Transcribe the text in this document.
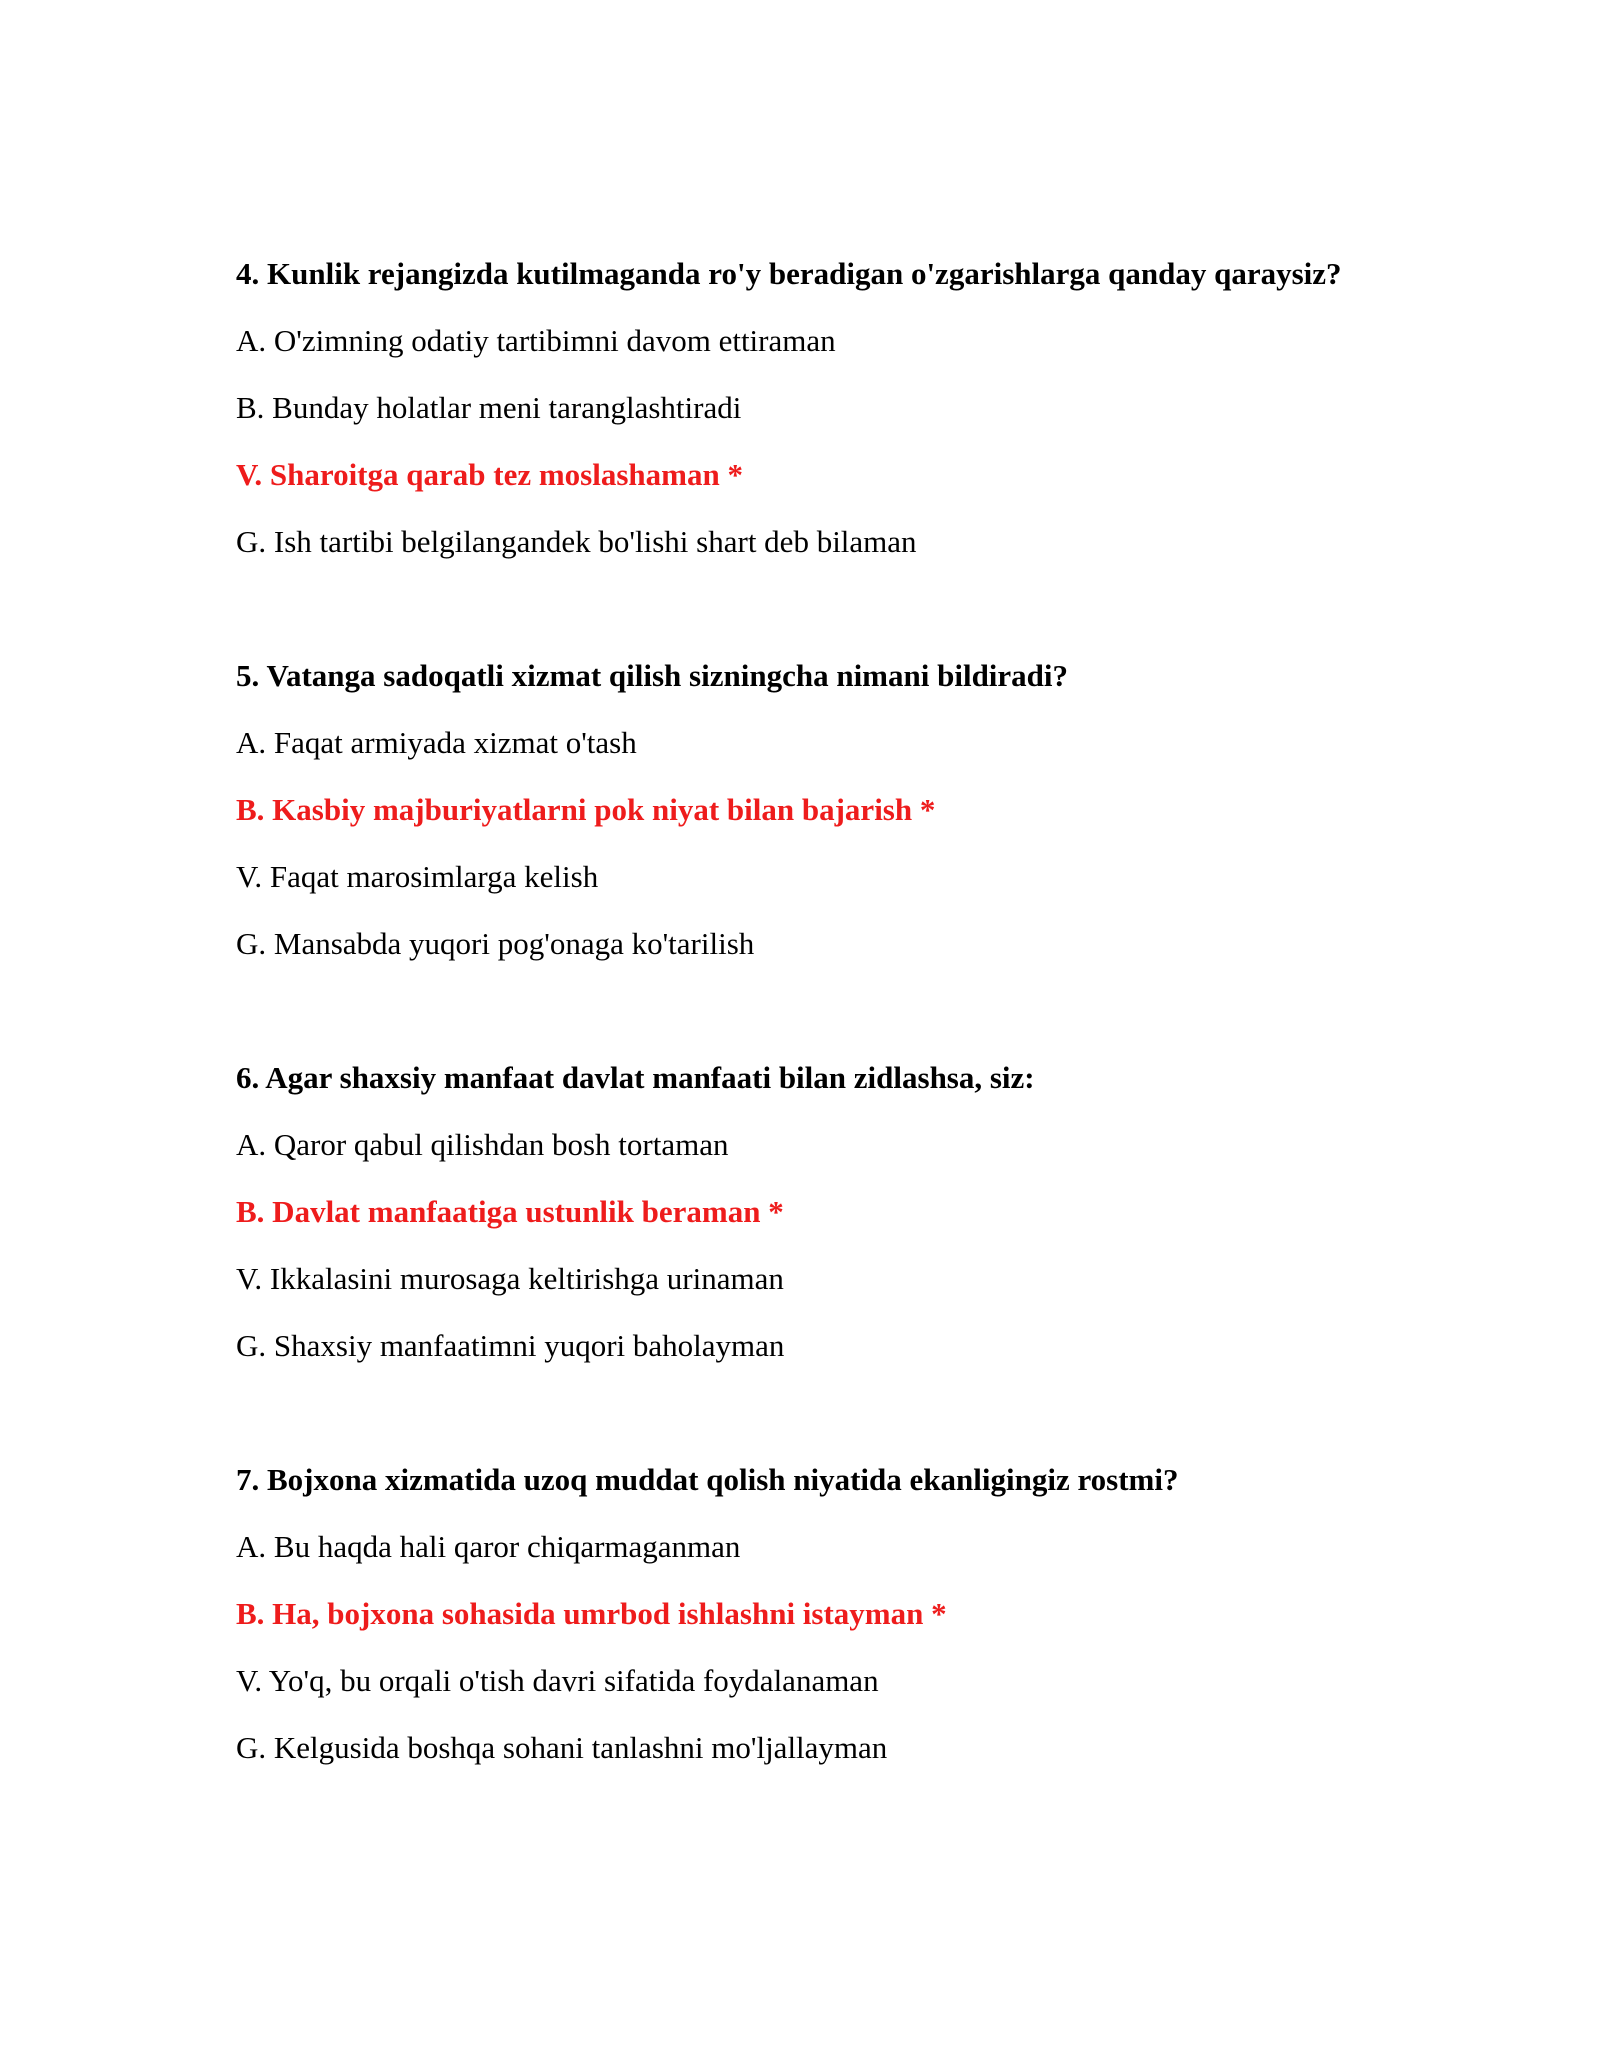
4. Kunlik rejangizda kutilmaganda ro'y beradigan o'zgarishlarga qanday qaraysiz?

A. O'zimning odatiy tartibimni davom ettiraman

B. Bunday holatlar meni taranglashtiradi

V. Sharoitga qarab tez moslashaman *

G. Ish tartibi belgilangandek bo'lishi shart deb bilaman

5. Vatanga sadoqatli xizmat qilish sizningcha nimani bildiradi?

A. Faqat armiyada xizmat o'tash

B. Kasbiy majburiyatlarni pok niyat bilan bajarish *

V. Faqat marosimlarga kelish

G. Mansabda yuqori pog'onaga ko'tarilish

6. Agar shaxsiy manfaat davlat manfaati bilan zidlashsa, siz:

A. Qaror qabul qilishdan bosh tortaman

B. Davlat manfaatiga ustunlik beraman *

V. Ikkalasini murosaga keltirishga urinaman

G. Shaxsiy manfaatimni yuqori baholayman

7. Bojxona xizmatida uzoq muddat qolish niyatida ekanligingiz rostmi?

A. Bu haqda hali qaror chiqarmaganman

B. Ha, bojxona sohasida umrbod ishlashni istayman *

V. Yo'q, bu orqali o'tish davri sifatida foydalanaman

G. Kelgusida boshqa sohani tanlashni mo'ljallayman
